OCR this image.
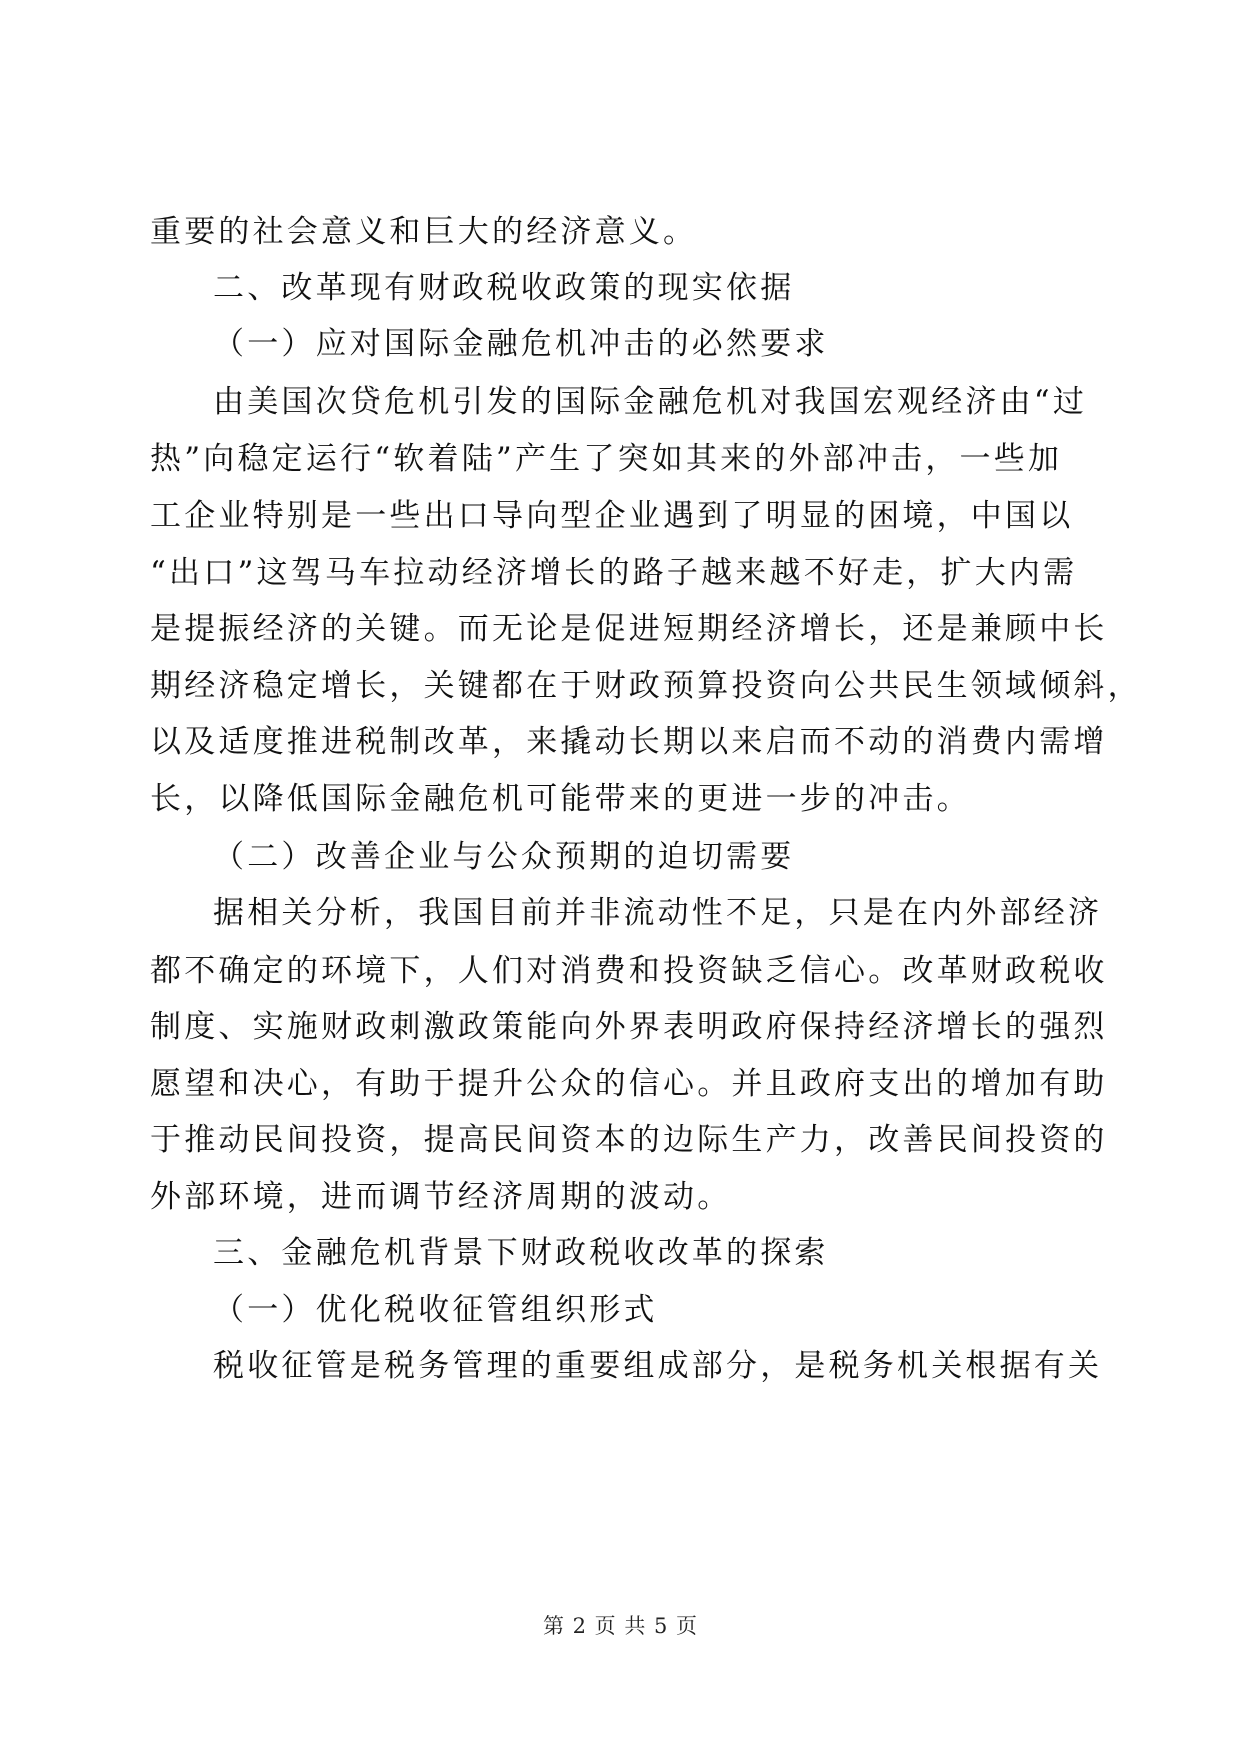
重要的社会意义和巨大的经济意义。
二、改革现有财政税收政策的现实依据
（一）应对国际金融危机冲击的必然要求
由美国次贷危机引发的国际金融危机对我国宏观经济由“过
热”向稳定运行“软着陆”产生了突如其来的外部冲击，一些加
工企业特别是一些出口导向型企业遇到了明显的困境，中国以
“出口”这驾马车拉动经济增长的路子越来越不好走，扩大内需
是提振经济的关键。而无论是促进短期经济增长，还是兼顾中长
期经济稳定增长，关键都在于财政预算投资向公共民生领域倾斜，
以及适度推进税制改革，来撬动长期以来启而不动的消费内需增
长，以降低国际金融危机可能带来的更进一步的冲击。
（二）改善企业与公众预期的迫切需要
据相关分析，我国目前并非流动性不足，只是在内外部经济
都不确定的环境下，人们对消费和投资缺乏信心。改革财政税收
制度、实施财政刺激政策能向外界表明政府保持经济增长的强烈
愿望和决心，有助于提升公众的信心。并且政府支出的增加有助
于推动民间投资，提高民间资本的边际生产力，改善民间投资的
外部环境，进而调节经济周期的波动。
三、金融危机背景下财政税收改革的探索
（一）优化税收征管组织形式
税收征管是税务管理的重要组成部分，是税务机关根据有关
第 2 页 共 5 页
